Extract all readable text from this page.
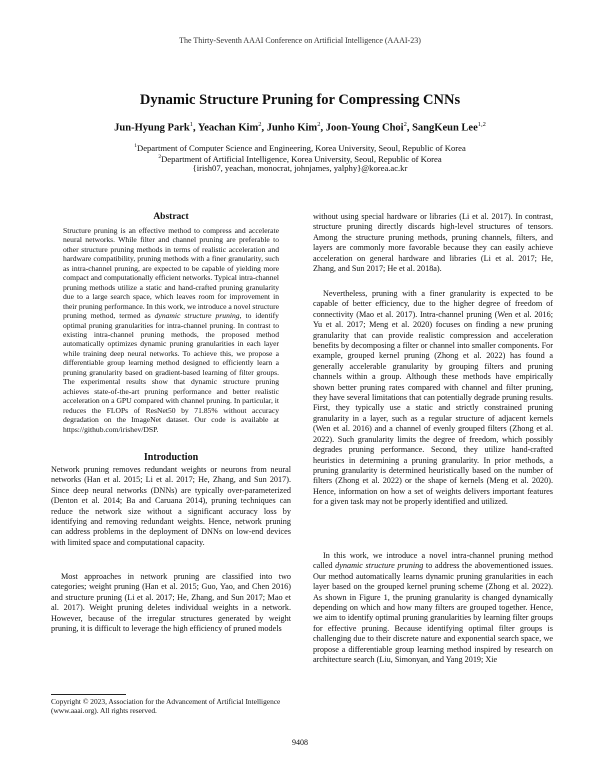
The Thirty-Seventh AAAI Conference on Artificial Intelligence (AAAI-23)
Dynamic Structure Pruning for Compressing CNNs
Jun-Hyung Park$^1$, Yeachan Kim$^2$, Junho Kim$^2$, Joon-Young Choi$^2$, SangKeun Lee$^{1,2}$
$^1$Department of Computer Science and Engineering, Korea University, Seoul, Republic of Korea
$^2$Department of Artificial Intelligence, Korea University, Seoul, Republic of Korea
{irish07, yeachan, monocrat, johnjames, yalphy}@korea.ac.kr
Abstract
Structure pruning is an effective method to compress and accelerate neural networks. While filter and channel pruning are preferable to other structure pruning methods in terms of realistic acceleration and hardware compatibility, pruning methods with a finer granularity, such as intra-channel pruning, are expected to be capable of yielding more compact and computationally efficient networks. Typical intra-channel pruning methods utilize a static and hand-crafted pruning granularity due to a large search space, which leaves room for improvement in their pruning performance. In this work, we introduce a novel structure pruning method, termed as dynamic structure pruning, to identify optimal pruning granularities for intra-channel pruning. In contrast to existing intra-channel pruning methods, the proposed method automatically optimizes dynamic pruning granularities in each layer while training deep neural networks. To achieve this, we propose a differentiable group learning method designed to efficiently learn a pruning granularity based on gradient-based learning of filter groups. The experimental results show that dynamic structure pruning achieves state-of-the-art pruning performance and better realistic acceleration on a GPU compared with channel pruning. In particular, it reduces the FLOPs of ResNet50 by 71.85% without accuracy degradation on the ImageNet dataset. Our code is available at https://github.com/irishev/DSP.
Introduction

Network pruning removes redundant weights or neurons from neural networks (Han et al. 2015; Li et al. 2017; He, Zhang, and Sun 2017). Since deep neural networks (DNNs) are typically over-parameterized (Denton et al. 2014; Ba and Caruana 2014), pruning techniques can reduce the network size without a significant accuracy loss by identifying and removing redundant weights. Hence, network pruning can address problems in the deployment of DNNs on low-end devices with limited space and computational capacity.

Most approaches in network pruning are classified into two categories; weight pruning (Han et al. 2015; Guo, Yao, and Chen 2016) and structure pruning (Li et al. 2017; He, Zhang, and Sun 2017; Mao et al. 2017). Weight pruning deletes individual weights in a network. However, because of the irregular structures generated by weight pruning, it is difficult to leverage the high efficiency of pruned models

Copyright © 2023, Association for the Advancement of Artificial Intelligence (www.aaai.org). All rights reserved.

without using special hardware or libraries (Li et al. 2017). In contrast, structure pruning directly discards high-level structures of tensors. Among the structure pruning methods, pruning channels, filters, and layers are commonly more favorable because they can easily achieve acceleration on general hardware and libraries (Li et al. 2017; He, Zhang, and Sun 2017; He et al. 2018a).

Nevertheless, pruning with a finer granularity is expected to be capable of better efficiency, due to the higher degree of freedom of connectivity (Mao et al. 2017). Intra-channel pruning (Wen et al. 2016; Yu et al. 2017; Meng et al. 2020) focuses on finding a new pruning granularity that can provide realistic compression and acceleration benefits by decomposing a filter or channel into smaller components. For example, grouped kernel pruning (Zhong et al. 2022) has found a generally accelerable granularity by grouping filters and pruning channels within a group. Although these methods have empirically shown better pruning rates compared with channel and filter pruning, they have several limitations that can potentially degrade pruning results. First, they typically use a static and strictly constrained pruning granularity in a layer, such as a regular structure of adjacent kernels (Wen et al. 2016) and a channel of evenly grouped filters (Zhong et al. 2022). Such granularity limits the degree of freedom, which possibly degrades pruning performance. Second, they utilize hand-crafted heuristics in determining a pruning granularity. In prior methods, a pruning granularity is determined heuristically based on the number of filters (Zhong et al. 2022) or the shape of kernels (Meng et al. 2020). Hence, information on how a set of weights delivers important features for a given task may not be properly identified and utilized.

In this work, we introduce a novel intra-channel pruning method called dynamic structure pruning to address the abovementioned issues. Our method automatically learns dynamic pruning granularities in each layer based on the grouped kernel pruning scheme (Zhong et al. 2022). As shown in Figure 1, the pruning granularity is changed dynamically depending on which and how many filters are grouped together. Hence, we aim to identify optimal pruning granularities by learning filter groups for effective pruning. Because identifying optimal filter groups is challenging due to their discrete nature and exponential search space, we propose a differentiable group learning method inspired by research on architecture search (Liu, Simonyan, and Yang 2019; Xie

9408
